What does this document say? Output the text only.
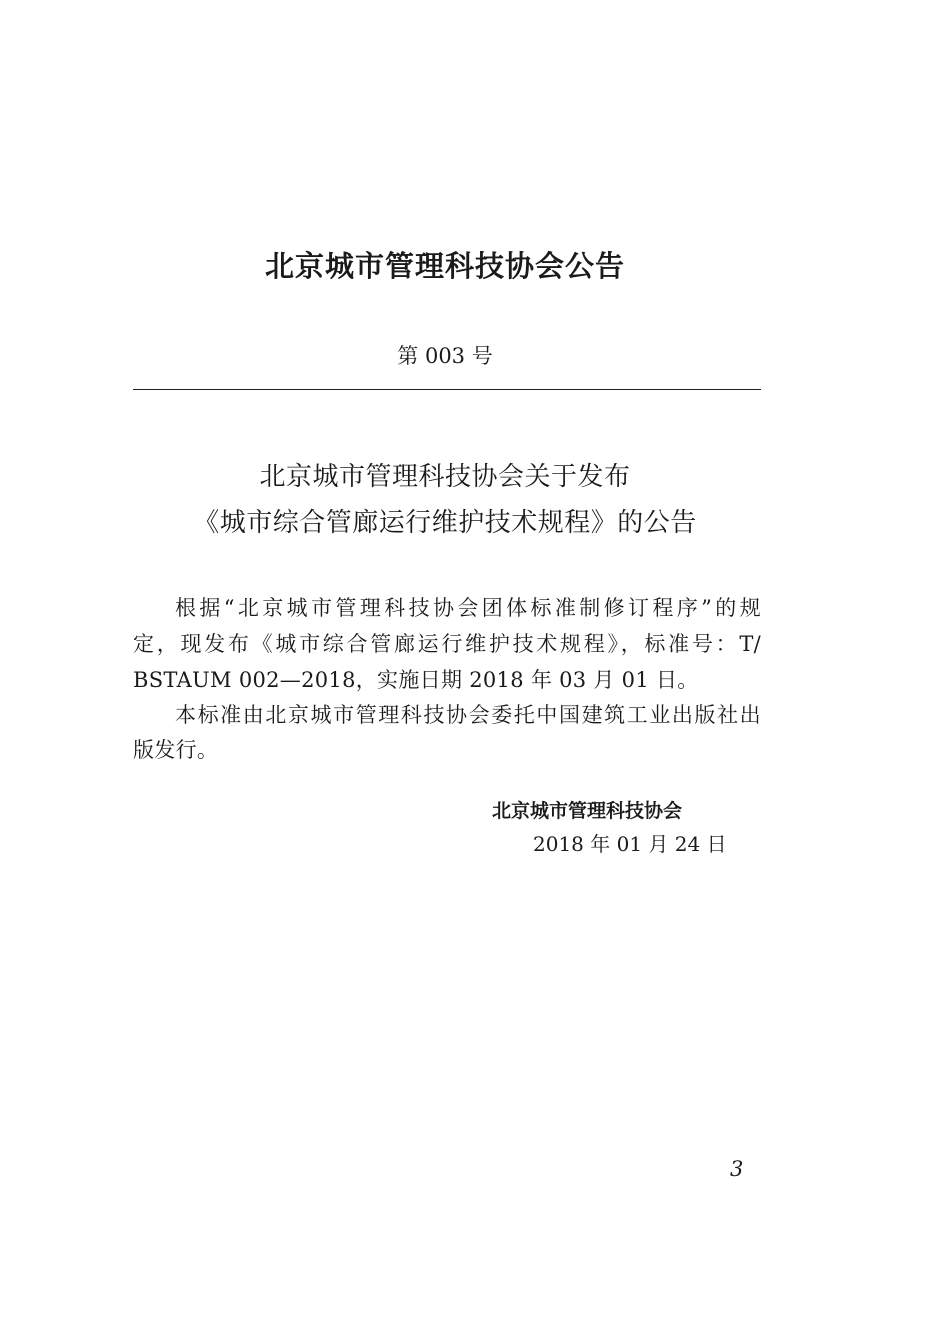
北京城市管理科技协会公告
第 003 号
北京城市管理科技协会关于发布
《城市综合管廊运行维护技术规程》的公告
根据“北京城市管理科技协会团体标准制修订程序”的规
定，现发布《城市综合管廊运行维护技术规程》，标准号：T/
BSTAUM 002—2018，实施日期 2018 年 03 月 01 日。
本标准由北京城市管理科技协会委托中国建筑工业出版社出
版发行。
北京城市管理科技协会
2018 年 01 月 24 日
3
